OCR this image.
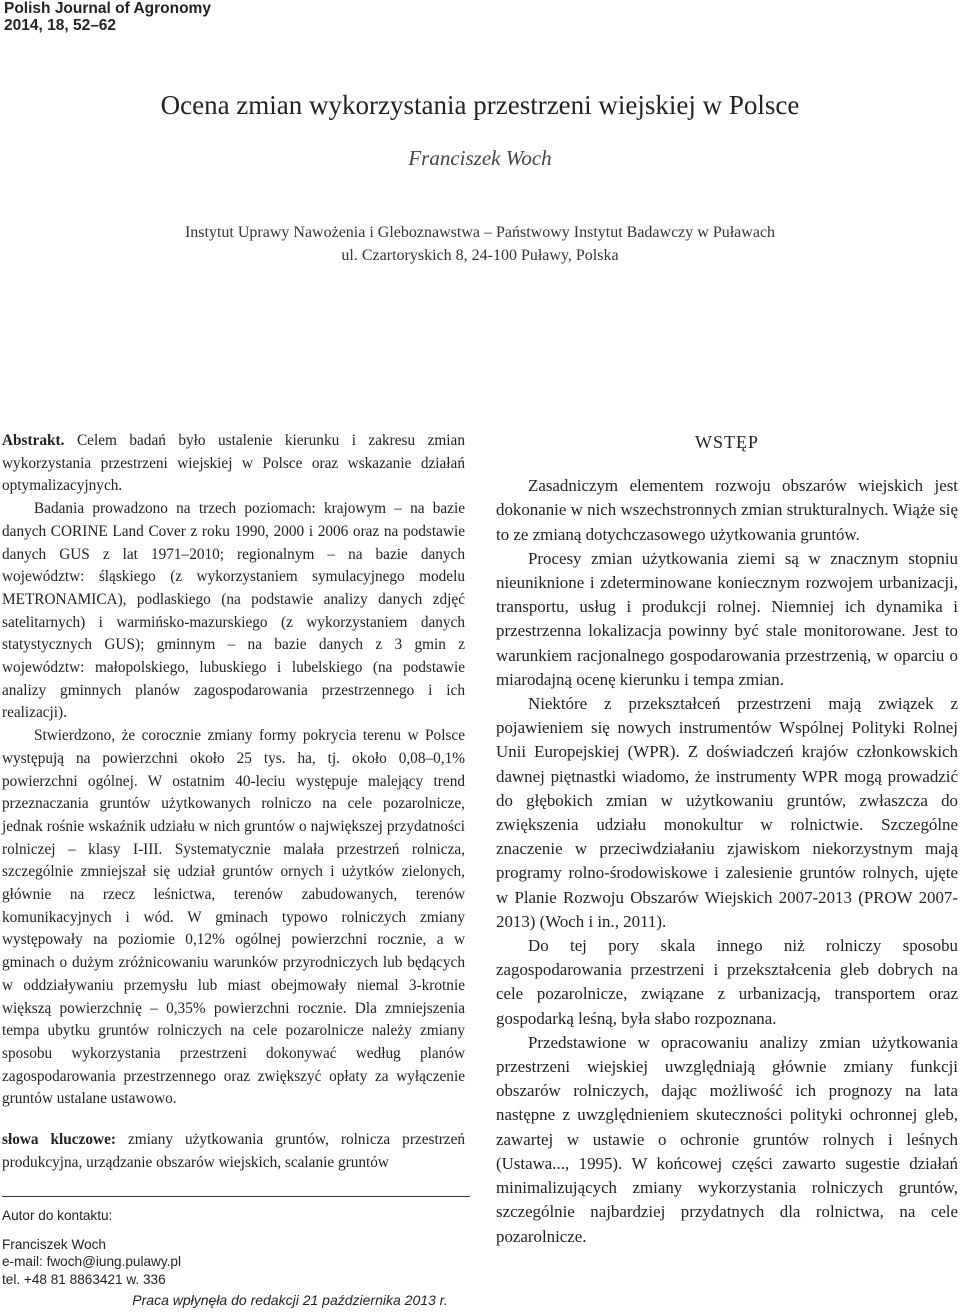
Polish Journal of Agronomy
2014, 18, 52–62
Ocena zmian wykorzystania przestrzeni wiejskiej w Polsce
Franciszek Woch
Instytut Uprawy Nawożenia i Gleboznawstwa – Państwowy Instytut Badawczy w Puławach
ul. Czartoryskich 8, 24-100 Puławy, Polska

Abstrakt. Celem badań było ustalenie kierunku i zakresu zmian wykorzystania przestrzeni wiejskiej w Polsce oraz wskazanie działań optymalizacyjnych.

Badania prowadzono na trzech poziomach: krajowym – na bazie danych CORINE Land Cover z roku 1990, 2000 i 2006 oraz na podstawie danych GUS z lat 1971–2010; regionalnym – na bazie danych województw: śląskiego (z wykorzystaniem symulacyjnego modelu METRONAMICA), podlaskiego (na podstawie analizy danych zdjęć satelitarnych) i warmińsko-mazurskiego (z wykorzystaniem danych statystycznych GUS); gminnym – na bazie danych z 3 gmin z województw: małopolskiego, lubuskiego i lubelskiego (na podstawie analizy gminnych planów zagospodarowania przestrzennego i ich realizacji).

Stwierdzono, że corocznie zmiany formy pokrycia terenu w Polsce występują na powierzchni około 25 tys. ha, tj. około 0,08–0,1% powierzchni ogólnej. W ostatnim 40-leciu występuje malejący trend przeznaczania gruntów użytkowanych rolniczo na cele pozarolnicze, jednak rośnie wskaźnik udziału w nich gruntów o największej przydatności rolniczej – klasy I-III. Systematycznie malała przestrzeń rolnicza, szczególnie zmniejszał się udział gruntów ornych i użytków zielonych, głównie na rzecz leśnictwa, terenów zabudowanych, terenów komunikacyjnych i wód. W gminach typowo rolniczych zmiany występowały na poziomie 0,12% ogólnej powierzchni rocznie, a w gminach o dużym zróżnicowaniu warunków przyrodniczych lub będących w oddziaływaniu przemysłu lub miast obejmowały niemal 3-krotnie większą powierzchnię – 0,35% powierzchni rocznie. Dla zmniejszenia tempa ubytku gruntów rolniczych na cele pozarolnicze należy zmiany sposobu wykorzystania przestrzeni dokonywać według planów zagospodarowania przestrzennego oraz zwiększyć opłaty za wyłączenie gruntów ustalane ustawowo.

słowa kluczowe: zmiany użytkowania gruntów, rolnicza przestrzeń produkcyjna, urządzanie obszarów wiejskich, scalanie gruntów

Autor do kontaktu:
Franciszek Woch
e-mail: fwoch@iung.pulawy.pl
tel. +48 81 8863421 w. 336
Praca wpłynęła do redakcji 21 października 2013 r.

WSTĘP

Zasadniczym elementem rozwoju obszarów wiejskich jest dokonanie w nich wszechstronnych zmian strukturalnych. Wiąże się to ze zmianą dotychczasowego użytkowania gruntów.

Procesy zmian użytkowania ziemi są w znacznym stopniu nieuniknione i zdeterminowane koniecznym rozwojem urbanizacji, transportu, usług i produkcji rolnej. Niemniej ich dynamika i przestrzenna lokalizacja powinny być stale monitorowane. Jest to warunkiem racjonalnego gospodarowania przestrzenią, w oparciu o miarodajną ocenę kierunku i tempa zmian.

Niektóre z przekształceń przestrzeni mają związek z pojawieniem się nowych instrumentów Wspólnej Polityki Rolnej Unii Europejskiej (WPR). Z doświadczeń krajów członkowskich dawnej piętnastki wiadomo, że instrumenty WPR mogą prowadzić do głębokich zmian w użytkowaniu gruntów, zwłaszcza do zwiększenia udziału monokultur w rolnictwie. Szczególne znaczenie w przeciwdziałaniu zjawiskom niekorzystnym mają programy rolno-środowiskowe i zalesienie gruntów rolnych, ujęte w Planie Rozwoju Obszarów Wiejskich 2007-2013 (PROW 2007-2013) (Woch i in., 2011).

Do tej pory skala innego niż rolniczy sposobu zagospodarowania przestrzeni i przekształcenia gleb dobrych na cele pozarolnicze, związane z urbanizacją, transportem oraz gospodarką leśną, była słabo rozpoznana.

Przedstawione w opracowaniu analizy zmian użytkowania przestrzeni wiejskiej uwzględniają głównie zmiany funkcji obszarów rolniczych, dając możliwość ich prognozy na lata następne z uwzględnieniem skuteczności polityki ochronnej gleb, zawartej w ustawie o ochronie gruntów rolnych i leśnych (Ustawa..., 1995). W końcowej części zawarto sugestie działań minimalizujących zmiany wykorzystania rolniczych gruntów, szczególnie najbardziej przydatnych dla rolnictwa, na cele pozarolnicze.
